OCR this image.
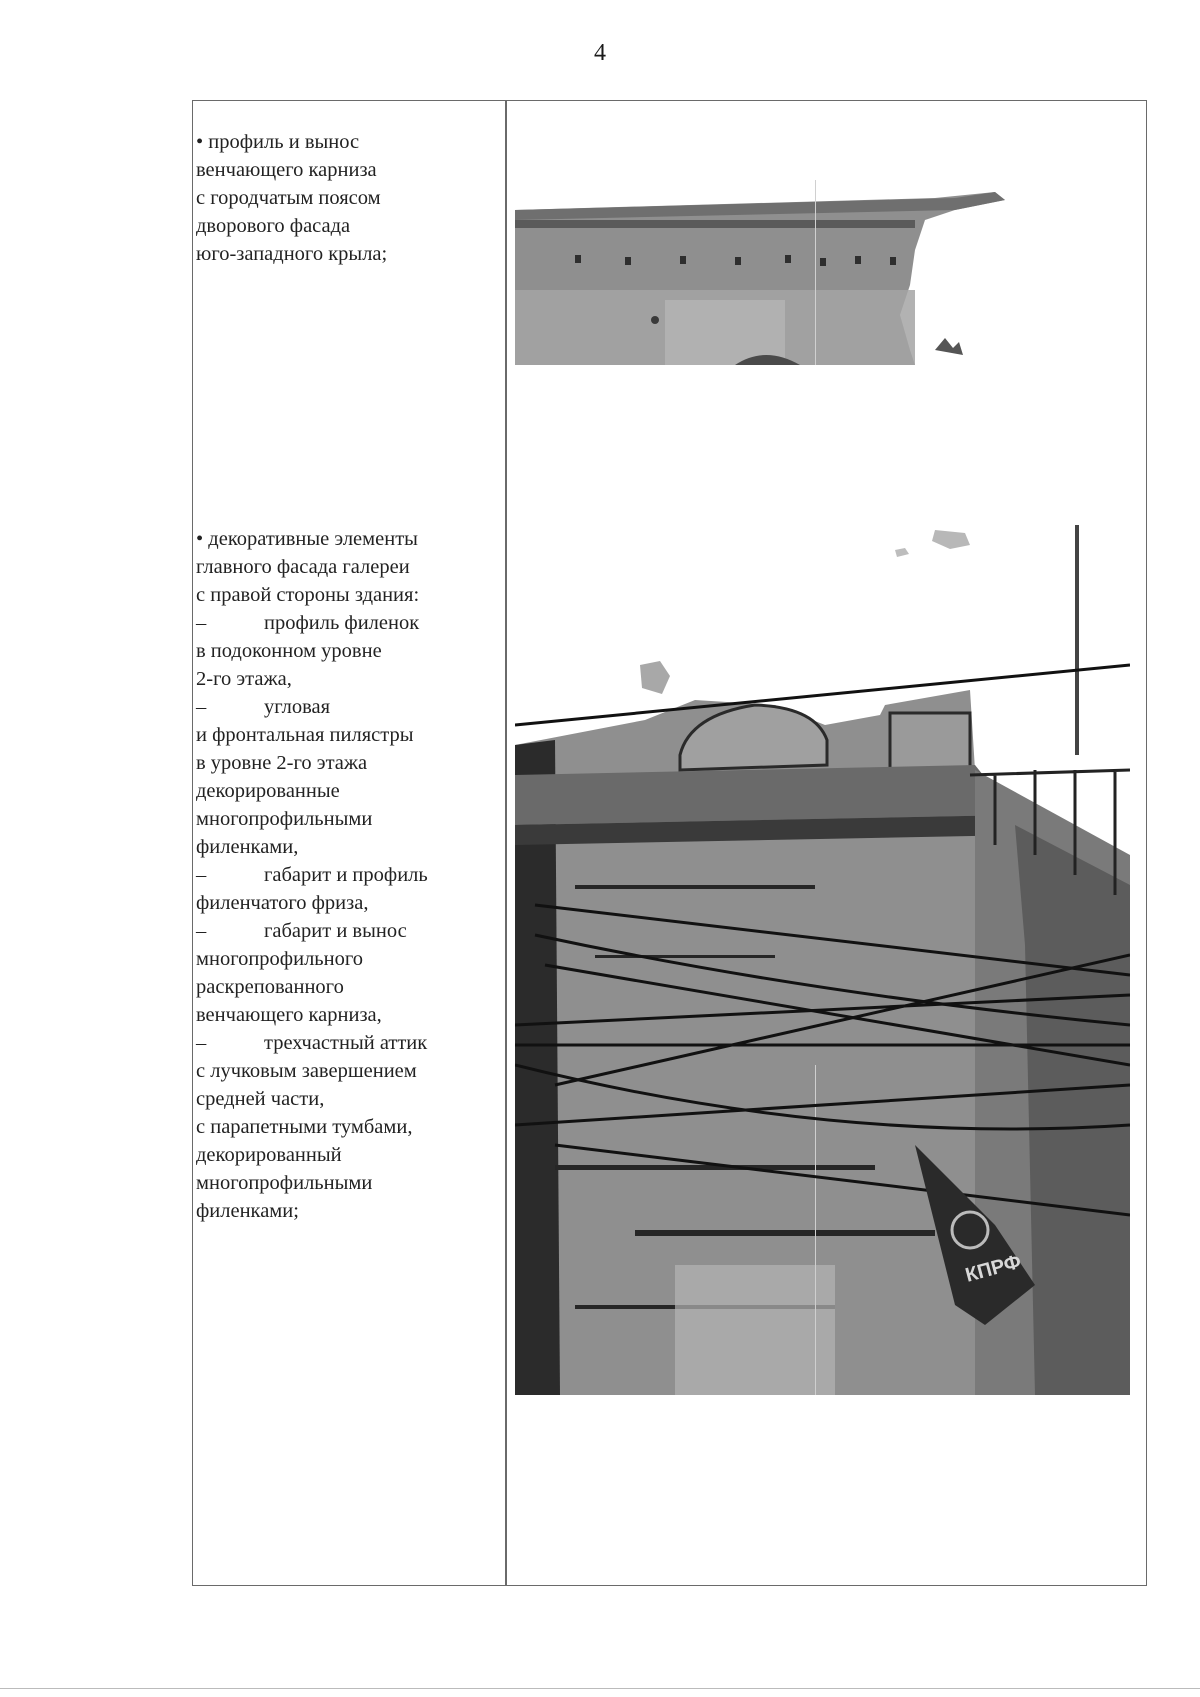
4
• профиль и вынос
венчающего карниза
с городчатым поясом
дворового фасада
юго-западного крыла;
• декоративные элементы
главного фасада галереи
с правой стороны здания:
–	профиль филенок
в подоконном уровне
2-го этажа,
–	угловая
и фронтальная пилястры
в уровне 2-го этажа
декорированные
многопрофильными
филенками,
–	габарит и профиль
филенчатого фриза,
–	габарит и вынос
многопрофильного
раскрепованного
венчающего карниза,
–	трехчастный аттик
с лучковым завершением
средней части,
с парапетными тумбами,
декорированный
многопрофильными
филенками;
КПРФ
